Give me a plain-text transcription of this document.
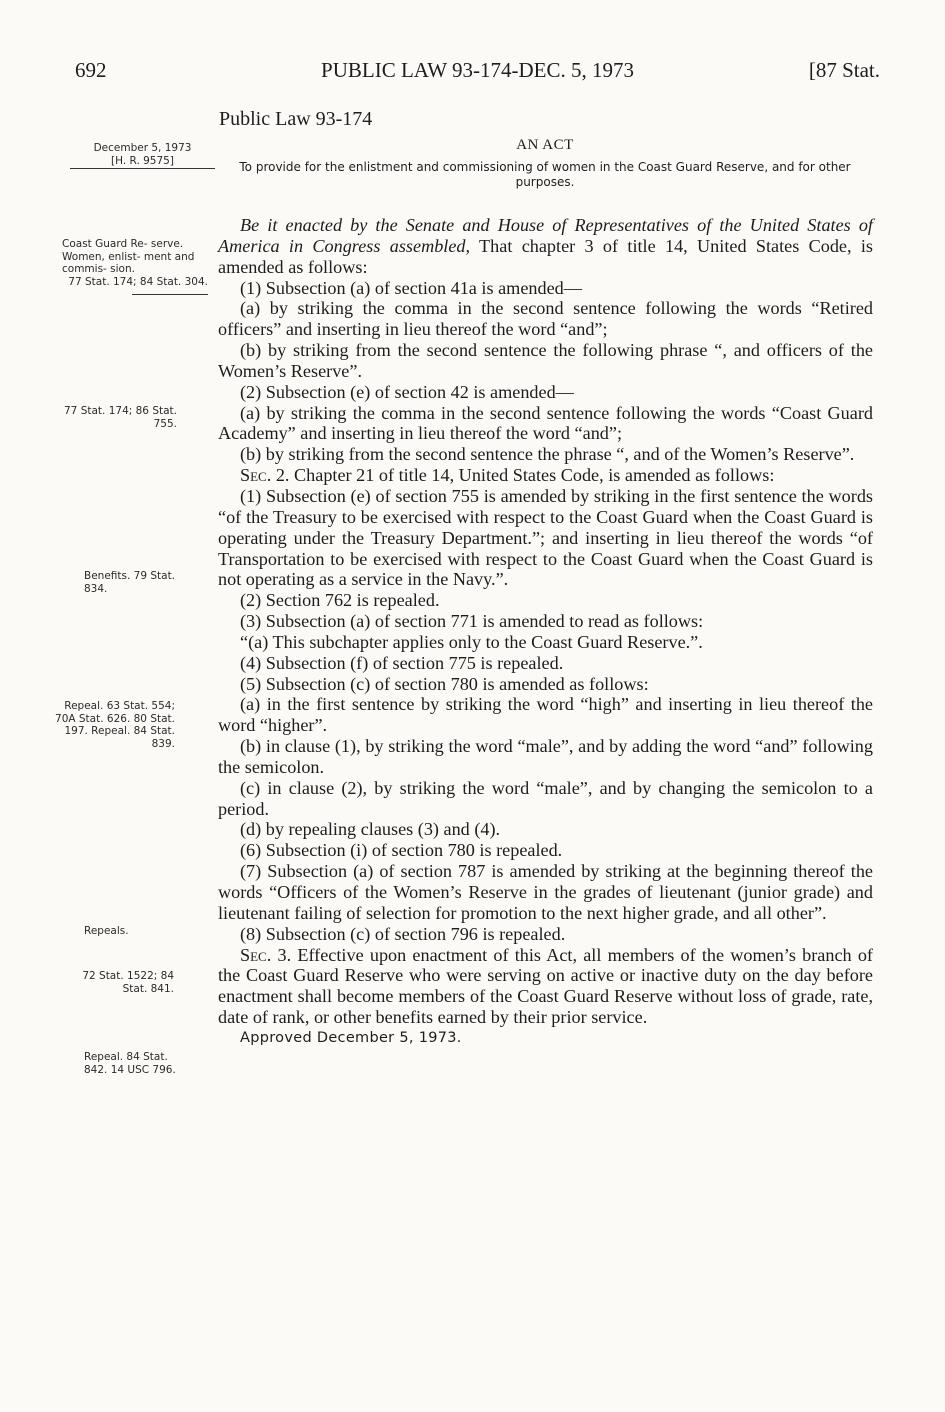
692	PUBLIC LAW 93-174-DEC. 5, 1973	[87 Stat.
December 5, 1973
[H. R. 9575]
Public Law 93-174
AN ACT
To provide for the enlistment and commissioning of women in the Coast Guard Reserve, and for other purposes.
Coast Guard Re- serve. Women, enlist- ment and commis- sion.
77 Stat. 174; 84 Stat. 304.
77 Stat. 174; 86 Stat. 755.
Benefits. 79 Stat. 834.
Repeal. 63 Stat. 554; 70A Stat. 626. 80 Stat. 197. Repeal. 84 Stat. 839.
Repeals.
72 Stat. 1522; 84 Stat. 841.
Repeal. 84 Stat. 842. 14 USC 796.

Be it enacted by the Senate and House of Representatives of the United States of America in Congress assembled, That chapter 3 of title 14, United States Code, is amended as follows:

(1) Subsection (a) of section 41a is amended—

(a) by striking the comma in the second sentence following the words “Retired officers” and inserting in lieu thereof the word “and”;

(b) by striking from the second sentence the following phrase “, and officers of the Women’s Reserve”.

(2) Subsection (e) of section 42 is amended—

(a) by striking the comma in the second sentence following the words “Coast Guard Academy” and inserting in lieu thereof the word “and”;

(b) by striking from the second sentence the phrase “, and of the Women’s Reserve”.

Sec. 2. Chapter 21 of title 14, United States Code, is amended as follows:

(1) Subsection (e) of section 755 is amended by striking in the first sentence the words “of the Treasury to be exercised with respect to the Coast Guard when the Coast Guard is operating under the Treasury Department.”; and inserting in lieu thereof the words “of Transportation to be exercised with respect to the Coast Guard when the Coast Guard is not operating as a service in the Navy.”.

(2) Section 762 is repealed.

(3) Subsection (a) of section 771 is amended to read as follows:

“(a) This subchapter applies only to the Coast Guard Reserve.”.

(4) Subsection (f) of section 775 is repealed.

(5) Subsection (c) of section 780 is amended as follows:

(a) in the first sentence by striking the word “high” and inserting in lieu thereof the word “higher”.

(b) in clause (1), by striking the word “male”, and by adding the word “and” following the semicolon.

(c) in clause (2), by striking the word “male”, and by changing the semicolon to a period.

(d) by repealing clauses (3) and (4).

(6) Subsection (i) of section 780 is repealed.

(7) Subsection (a) of section 787 is amended by striking at the beginning thereof the words “Officers of the Women’s Reserve in the grades of lieutenant (junior grade) and lieutenant failing of selection for promotion to the next higher grade, and all other”.

(8) Subsection (c) of section 796 is repealed.

Sec. 3. Effective upon enactment of this Act, all members of the women’s branch of the Coast Guard Reserve who were serving on active or inactive duty on the day before enactment shall become members of the Coast Guard Reserve without loss of grade, rate, date of rank, or other benefits earned by their prior service.

Approved December 5, 1973.
